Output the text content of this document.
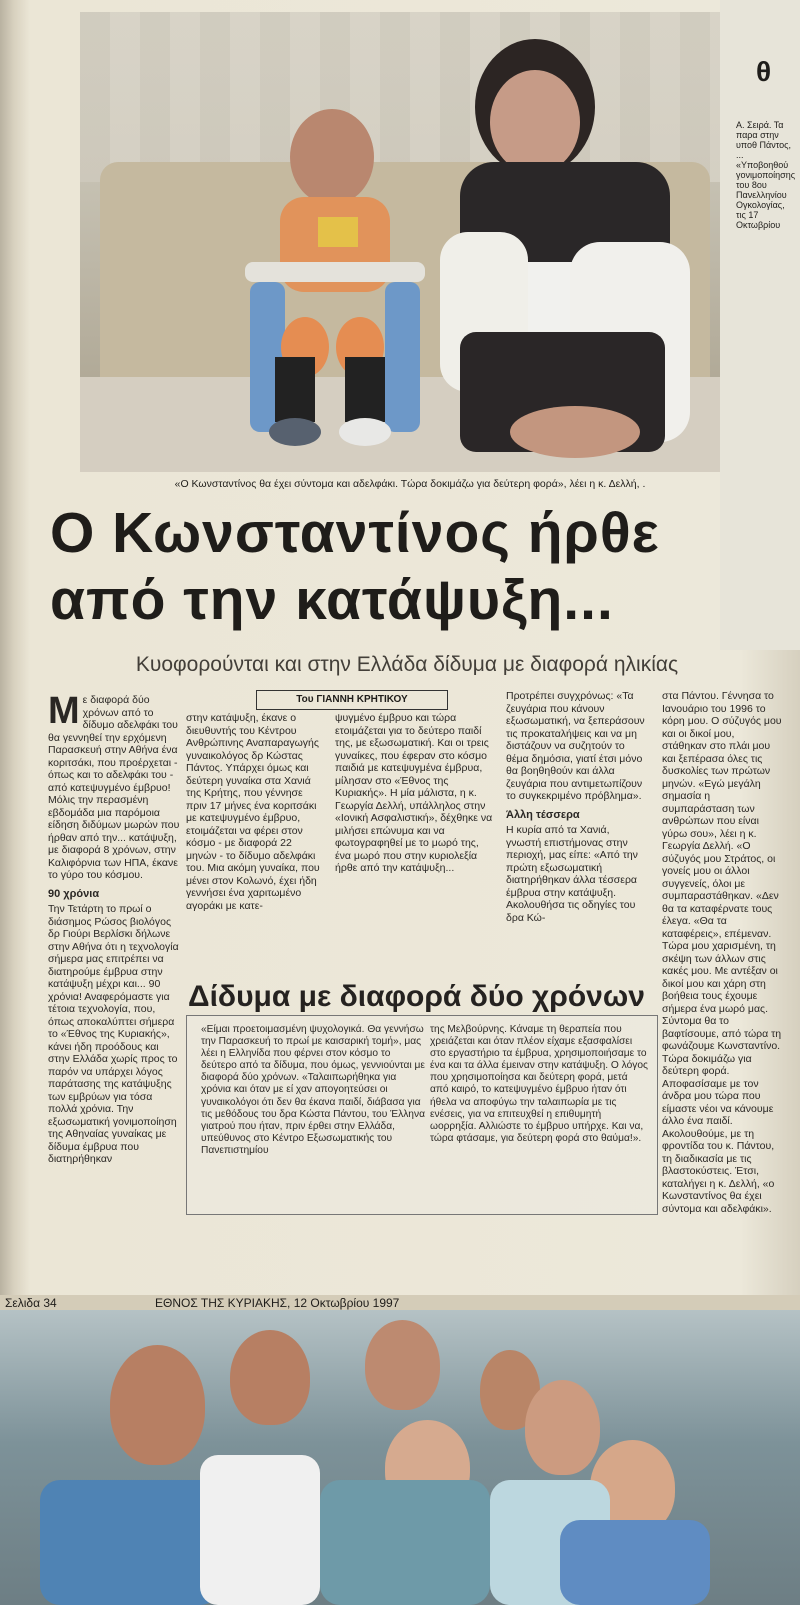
«Ο Κωνσταντίνος θα έχει σύντομα και αδελφάκι. Τώρα δοκιμάζω για δεύτερη φορά», λέει η κ. Δελλή, .
Ο Κωνσταντίνος ήρθε
από την κατάψυξη...
Κυοφορούνται και στην Ελλάδα δίδυμα με διαφορά ηλικίας
Του ΓΙΑΝΝΗ ΚΡΗΤΙΚΟΥ

Με διαφορά δύο χρόνων από το δίδυμο αδελφάκι του θα γεννηθεί την ερχόμενη Παρασκευή στην Αθήνα ένα κοριτσάκι, που προέρχεται - όπως και το αδελφάκι του - από κατεψυγμένο έμβρυο! Μόλις την περασμένη εβδομάδα μια παρόμοια είδηση διδύμων μωρών που ήρθαν από την... κατάψυξη, με διαφορά 8 χρόνων, στην Καλιφόρνια των ΗΠΑ, έκανε το γύρο του κόσμου.

90 χρόνια

Την Τετάρτη το πρωί ο διάσημος Ρώσος βιολόγος δρ Γιούρι Βερλίσκι δήλωνε στην Αθήνα ότι η τεχνολογία σήμερα μας επιτρέπει να διατηρούμε έμβρυα στην κατάψυξη μέχρι και... 90 χρόνια! Αναφερόμαστε για τέτοια τεχνολογία, που, όπως αποκαλύπτει σήμερα το «Έθνος της Κυριακής», κάνει ήδη προόδους και στην Ελλάδα χωρίς προς το παρόν να υπάρχει λόγος παράτασης της κατάψυξης των εμβρύων για τόσα πολλά χρόνια. Την εξωσωματική γονιμοποίηση της Αθηναίας γυναίκας με δίδυμα έμβρυα που διατηρήθηκαν

στην κατάψυξη, έκανε ο διευθυντής του Κέντρου Ανθρώπινης Αναπαραγωγής γυναικολόγος δρ Κώστας Πάντος. Υπάρχει όμως και δεύτερη γυναίκα στα Χανιά της Κρήτης, που γέννησε πριν 17 μήνες ένα κοριτσάκι με κατεψυγμένο έμβρυο, ετοιμάζεται να φέρει στον κόσμο - με διαφορά 22 μηνών - το δίδυμο αδελφάκι του. Μια ακόμη γυναίκα, που μένει στον Κολωνό, έχει ήδη γεννήσει ένα χαριτωμένο αγοράκι με κατε-

ψυγμένο έμβρυο και τώρα ετοιμάζεται για το δεύτερο παιδί της, με εξωσωματική. Και οι τρεις γυναίκες, που έφεραν στο κόσμο παιδιά με κατεψυγμένα έμβρυα, μίλησαν στο «Έθνος της Κυριακής». Η μία μάλιστα, η κ. Γεωργία Δελλή, υπάλληλος στην «Ιονική Ασφαλιστική», δέχθηκε να μιλήσει επώνυμα και να φωτογραφηθεί με το μωρό της, ένα μωρό που στην κυριολεξία ήρθε από την κατάψυξη...

Προτρέπει συγχρόνως: «Τα ζευγάρια που κάνουν εξωσωματική, να ξεπεράσουν τις προκαταλήψεις και να μη διστάζουν να συζητούν το θέμα δημόσια, γιατί έτσι μόνο θα βοηθηθούν και άλλα ζευγάρια που αντιμετωπίζουν το συγκεκριμένο πρόβλημα».

Άλλη τέσσερα

Η κυρία από τα Χανιά, γνωστή επιστήμονας στην περιοχή, μας είπε: «Από την πρώτη εξωσωματική διατηρήθηκαν άλλα τέσσερα έμβρυα στην κατάψυξη. Ακολουθήσα τις οδηγίες του δρα Κώ-

στα Πάντου. Γέννησα το Ιανουάριο του 1996 το κόρη μου. Ο σύζυγός μου και οι δικοί μου, στάθηκαν στο πλάι μου και ξεπέρασα όλες τις δυσκολίες των πρώτων μηνών. «Εγώ μεγάλη σημασία η συμπαράσταση των ανθρώπων που είναι γύρω σου», λέει η κ. Γεωργία Δελλή. «Ο σύζυγός μου Στράτος, οι γονείς μου οι άλλοι συγγενείς, όλοι με συμπαραστάθηκαν. «Δεν θα τα καταφέρνατε τους έλεγα. «Θα τα καταφέρεις», επέμεναν. Τώρα μου χαρισμένη, τη σκέψη των άλλων στις κακές μου. Με αντέξαν οι δικοί μου και χάρη στη βοήθεια τους έχουμε σήμερα ένα μωρό μας. Σύντομα θα το βαφτίσουμε, από τώρα τη φωνάζουμε Κωνσταντίνο. Τώρα δοκιμάζω για δεύτερη φορά. Αποφασίσαμε με τον άνδρα μου τώρα που είμαστε νέοι να κάνουμε άλλο ένα παιδί. Ακολουθούμε, με τη φροντίδα του κ. Πάντου, τη διαδικασία με τις βλαστοκύστεις. Έτσι, καταλήγει η κ. Δελλή, «ο Κωνσταντίνος θα έχει σύντομα και αδελφάκι».

Δίδυμα με διαφορά δύο χρόνων
«Είμαι προετοιμασμένη ψυχολογικά. Θα γεννήσω την Παρασκευή το πρωί με καισαρική τομή», μας λέει η Ελληνίδα που φέρνει στον κόσμο το δεύτερο από τα δίδυμα, που όμως, γεννιούνται με διαφορά δύο χρόνων. «Ταλαιπωρήθηκα για χρόνια και όταν με εί χαν απογοητεύσει οι γυναικολόγοι ότι δεν θα έκανα παιδί, διάβασα για τις μεθόδους του δρα Κώστα Πάντου, του Έλληνα γιατρού που ήταν, πριν έρθει στην Ελλάδα, υπεύθυνος στο Κέντρο Εξωσωματικής του Πανεπιστημίου
της Μελβούρνης. Κάναμε τη θεραπεία που χρειάζεται και όταν πλέον είχαμε εξασφαλίσει στο εργαστήριο τα έμβρυα, χρησιμοποιήσαμε το ένα και τα άλλα έμειναν στην κατάψυξη. Ο λόγος που χρησιμοποίησα και δεύτερη φορά, μετά από καιρό, το κατεψυγμένο έμβρυο ήταν ότι ήθελα να αποφύγω την ταλαιπωρία με τις ενέσεις, για να επιτευχθεί η επιθυμητή ωορρηξία. Αλλιώστε το έμβρυο υπήρχε. Και να, τώρα φτάσαμε, για δεύτερη φορά στο θαύμα!».
θ
Α. Σειρά. Τα παρα στην υποθ Πάντος, ... «Υποβοηθού γονιμοποίησης του 8ου Πανελληνίου Ογκολογίας, τις 17 Οκτωβρίου
Σελιδα 34	ΕΘΝΟΣ ΤΗΣ ΚΥΡΙΑΚΗΣ, 12 Οκτωβρίου 1997
